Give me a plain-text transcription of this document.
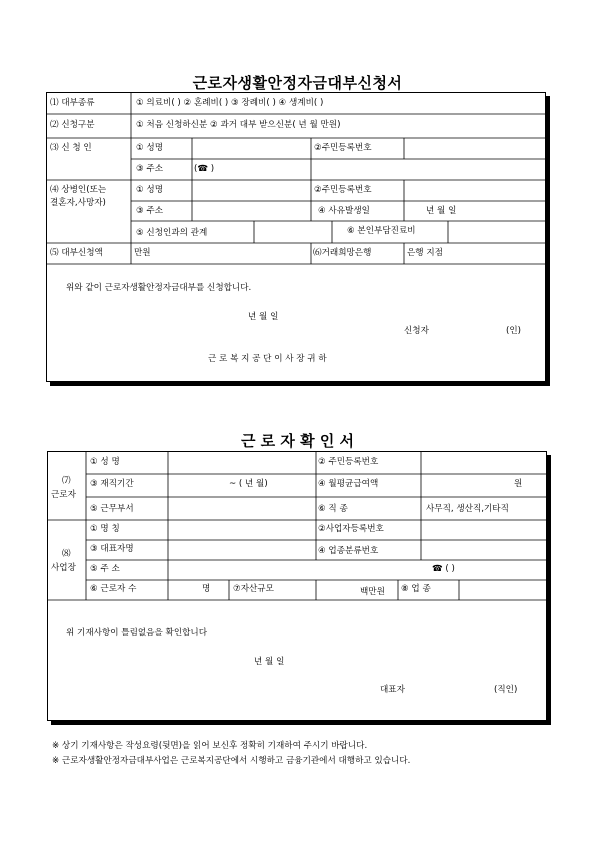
근로자생활안정자금대부신청서
⑴ 대부종류	① 의료비( ) ② 혼례비( ) ③ 장례비( ) ④ 생계비( )
⑵ 신청구분	① 처음 신청하신분 ② 과거 대부 받으신분( 년 월 만원)
⑶ 신 청 인	① 성명	②주민등록번호
③ 주소	(☎ )
⑷ 상병인(또는
결혼자,사망자)
① 성명	②주민등록번호
③ 주소	④ 사유발생일	년 월 일
⑤ 신청인과의 관계	⑥ 본인부담진료비
⑸ 대부신청액	만원	⑹거래희망은행	은행 지점
위와 같이 근로자생활안정자금대부를 신청합니다.
년 월 일
신청자	(인)
근 로 복 지 공 단 이 사 장 귀 하
근 로 자 확 인 서
⑺
근로자
① 성 명	② 주민등록번호
③ 재직기간	~ ( 년 월)	④ 월평균급여액	원
⑤ 근무부서	⑥ 직 종	사무직, 생산직,기타직
⑻
사업장
① 명 칭	②사업자등록번호
③ 대표자명	④ 업종분류번호
⑤ 주 소	☎ ( )
⑥ 근로자 수	명	⑦자산규모	백만원 ⑧ 업 종
위 기재사항이 틀림없음을 확인합니다
년 월 일
대표자	(직인)
※ 상기 기재사항은 작성요령(뒷면)을 읽어 보신후 정확히 기재하여 주시기 바랍니다.
※ 근로자생활안정자금대부사업은 근로복지공단에서 시행하고 금융기관에서 대행하고 있습니다.
